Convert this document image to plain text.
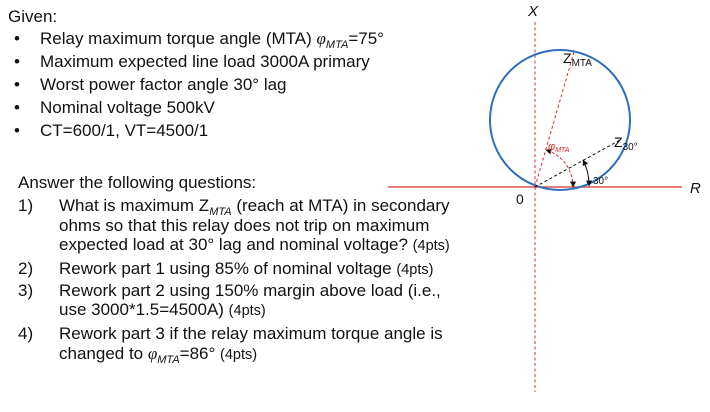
Given:
• Relay maximum torque angle (MTA) $\varphi_{MTA}=75^\circ$
• Maximum expected line load 3000A primary
• Worst power factor angle 30° lag
• Nominal voltage 500kV
• CT=600/1, VT=4500/1
Answer the following questions:
1) What is maximum $Z_{MTA}$ (reach at MTA) in secondary
ohms so that this relay does not trip on maximum
expected load at 30° lag and nominal voltage? (4pts)
2) Rework part 1 using 85% of nominal voltage (4pts)
3) Rework part 2 using 150% margin above load (i.e.,
use 3000*1.5=4500A) (4pts)
4) Rework part 3 if the relay maximum torque angle is
changed to $\varphi_{MTA}=86^\circ$ (4pts)
X
R
0
$Z_{MTA}$
$Z_{30^\circ}$
φMTA
30°
